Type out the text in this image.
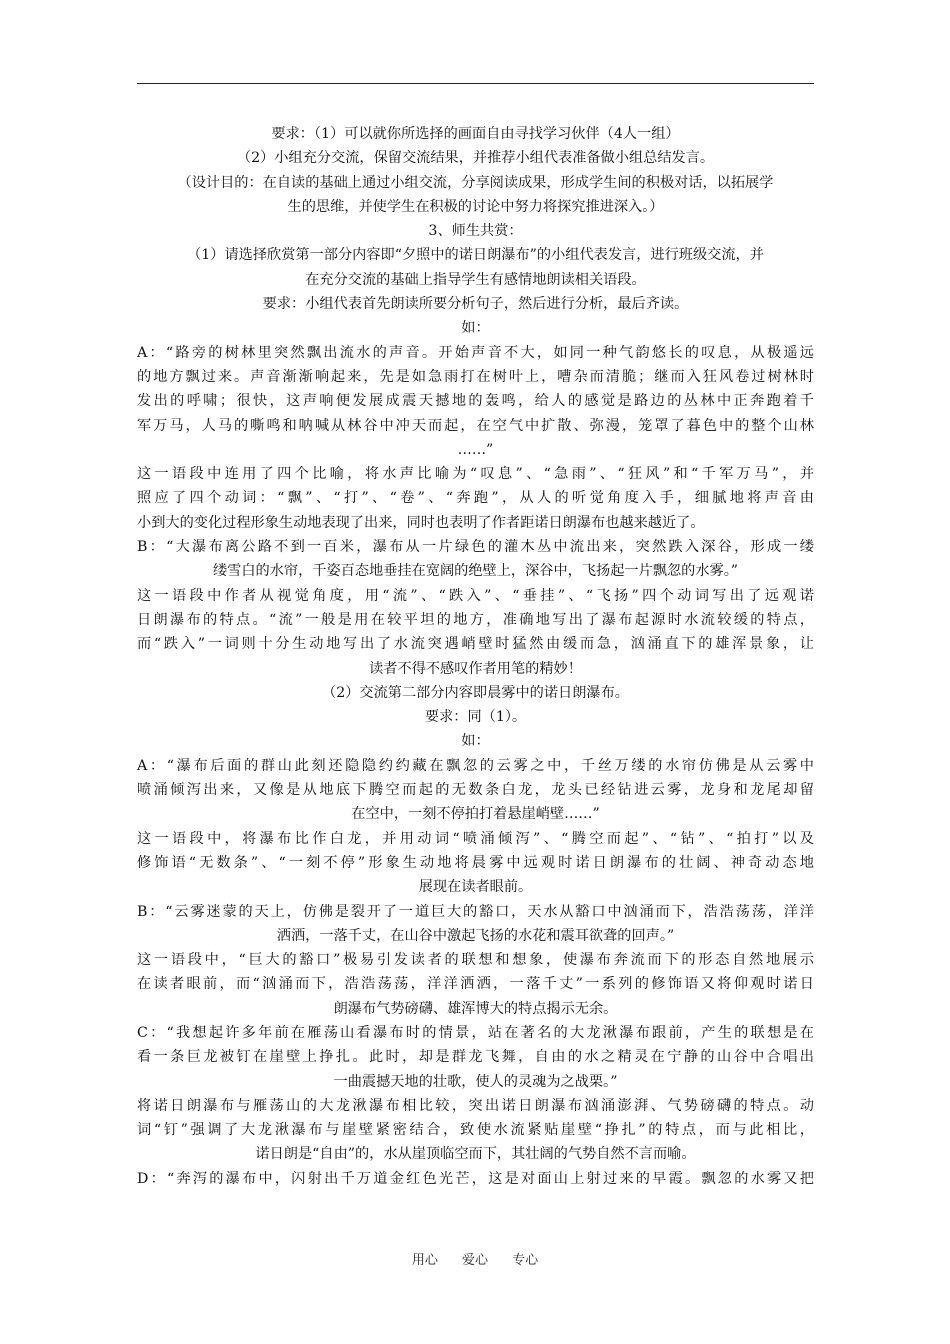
要求：（1）可以就你所选择的画面自由寻找学习伙伴（4人一组）
（2）小组充分交流，保留交流结果，并推荐小组代表准备做小组总结发言。
（设计目的：在自读的基础上通过小组交流，分享阅读成果，形成学生间的积极对话，以拓展学
生的思维，并使学生在积极的讨论中努力将探究推进深入。）
3、师生共赏：
（1）请选择欣赏第一部分内容即“夕照中的诺日朗瀑布”的小组代表发言，进行班级交流，并
在充分交流的基础上指导学生有感情地朗读相关语段。
要求：小组代表首先朗读所要分析句子，然后进行分析，最后齐读。
如：
A：“路旁的树林里突然飘出流水的声音。开始声音不大，如同一种气韵悠长的叹息，从极遥远
的地方飘过来。声音渐渐响起来，先是如急雨打在树叶上，嘈杂而清脆；继而入狂风卷过树林时
发出的呼啸；很快，这声响便发展成震天撼地的轰鸣，给人的感觉是路边的丛林中正奔跑着千
军万马，人马的嘶鸣和呐喊从林谷中冲天而起，在空气中扩散、弥漫，笼罩了暮色中的整个山林
……”
这一语段中连用了四个比喻，将水声比喻为“叹息”、“急雨”、“狂风”和“千军万马”，并
照应了四个动词：“飘”、“打”、“卷”、“奔跑”，从人的听觉角度入手，细腻地将声音由
小到大的变化过程形象生动地表现了出来，同时也表明了作者距诺日朗瀑布也越来越近了。
B：“大瀑布离公路不到一百米，瀑布从一片绿色的灌木丛中流出来，突然跌入深谷，形成一缕
缕雪白的水帘，千姿百态地垂挂在宽阔的绝壁上，深谷中，飞扬起一片飘忽的水雾。”
这一语段中作者从视觉角度，用“流”、“跌入”、“垂挂”、“飞扬”四个动词写出了远观诺
日朗瀑布的特点。“流”一般是用在较平坦的地方，准确地写出了瀑布起源时水流较缓的特点，
而“跌入”一词则十分生动地写出了水流突遇峭壁时猛然由缓而急，汹涌直下的雄浑景象，让
读者不得不感叹作者用笔的精妙！
（2）交流第二部分内容即晨雾中的诺日朗瀑布。
要求：同（1）。
如：
A：“瀑布后面的群山此刻还隐隐约约藏在飘忽的云雾之中，千丝万缕的水帘仿佛是从云雾中
喷涌倾泻出来，又像是从地底下腾空而起的无数条白龙，龙头已经钻进云雾，龙身和龙尾却留
在空中，一刻不停拍打着悬崖峭壁……”
这一语段中，将瀑布比作白龙，并用动词“喷涌倾泻”、“腾空而起”、“钻”、“拍打”以及
修饰语“无数条”、“一刻不停”形象生动地将晨雾中远观时诺日朗瀑布的壮阔、神奇动态地
展现在读者眼前。
B：“云雾迷蒙的天上，仿佛是裂开了一道巨大的豁口，天水从豁口中汹涌而下，浩浩荡荡，洋洋
洒洒，一落千丈，在山谷中激起飞扬的水花和震耳欲聋的回声。”
这一语段中，“巨大的豁口”极易引发读者的联想和想象，使瀑布奔流而下的形态自然地展示
在读者眼前，而“汹涌而下，浩浩荡荡，洋洋洒洒，一落千丈”一系列的修饰语又将仰观时诺日
朗瀑布气势磅礴、雄浑博大的特点揭示无余。
C：“我想起许多年前在雁荡山看瀑布时的情景，站在著名的大龙湫瀑布跟前，产生的联想是在
看一条巨龙被钉在崖壁上挣扎。此时，却是群龙飞舞，自由的水之精灵在宁静的山谷中合唱出
一曲震撼天地的壮歌，使人的灵魂为之战栗。”
将诺日朗瀑布与雁荡山的大龙湫瀑布相比较，突出诺日朗瀑布汹涌澎湃、气势磅礴的特点。动
词“钉”强调了大龙湫瀑布与崖壁紧密结合，致使水流紧贴崖壁“挣扎”的特点，而与此相比，
诺日朗是“自由”的，水从崖顶临空而下，其壮阔的气势自然不言而喻。
D：“奔泻的瀑布中，闪射出千万道金红色光芒，这是对面山上射过来的早霞。飘忽的水雾又把
用心 爱心 专心
